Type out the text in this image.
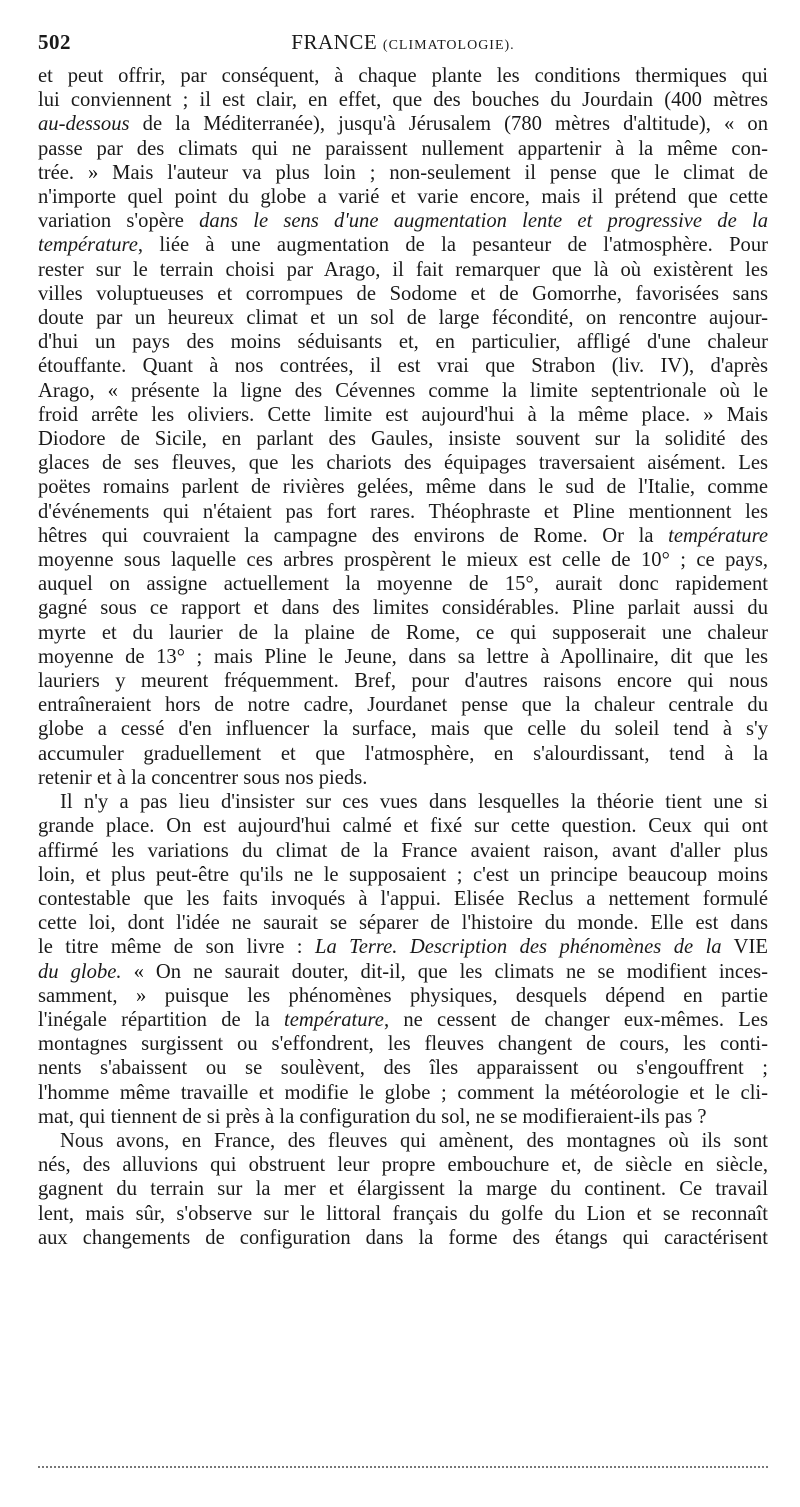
502	FRANCE (CLIMATOLOGIE).
et peut offrir, par conséquent, à chaque plante les conditions thermiques qui
lui conviennent ; il est clair, en effet, que des bouches du Jourdain (400 mètres
au-dessous de la Méditerranée), jusqu'à Jérusalem (780 mètres d'altitude), « on
passe par des climats qui ne paraissent nullement appartenir à la même con-
trée. » Mais l'auteur va plus loin ; non-seulement il pense que le climat de
n'importe quel point du globe a varié et varie encore, mais il prétend que cette
variation s'opère dans le sens d'une augmentation lente et progressive de la
température, liée à une augmentation de la pesanteur de l'atmosphère. Pour
rester sur le terrain choisi par Arago, il fait remarquer que là où existèrent les
villes voluptueuses et corrompues de Sodome et de Gomorrhe, favorisées sans
doute par un heureux climat et un sol de large fécondité, on rencontre aujour-
d'hui un pays des moins séduisants et, en particulier, affligé d'une chaleur
étouffante. Quant à nos contrées, il est vrai que Strabon (liv. IV), d'après
Arago, « présente la ligne des Cévennes comme la limite septentrionale où le
froid arrête les oliviers. Cette limite est aujourd'hui à la même place. » Mais
Diodore de Sicile, en parlant des Gaules, insiste souvent sur la solidité des
glaces de ses fleuves, que les chariots des équipages traversaient aisément. Les
poëtes romains parlent de rivières gelées, même dans le sud de l'Italie, comme
d'événements qui n'étaient pas fort rares. Théophraste et Pline mentionnent les
hêtres qui couvraient la campagne des environs de Rome. Or la température
moyenne sous laquelle ces arbres prospèrent le mieux est celle de 10° ; ce pays,
auquel on assigne actuellement la moyenne de 15°, aurait donc rapidement
gagné sous ce rapport et dans des limites considérables. Pline parlait aussi du
myrte et du laurier de la plaine de Rome, ce qui supposerait une chaleur
moyenne de 13° ; mais Pline le Jeune, dans sa lettre à Apollinaire, dit que les
lauriers y meurent fréquemment. Bref, pour d'autres raisons encore qui nous
entraîneraient hors de notre cadre, Jourdanet pense que la chaleur centrale du
globe a cessé d'en influencer la surface, mais que celle du soleil tend à s'y
accumuler graduellement et que l'atmosphère, en s'alourdissant, tend à la
retenir et à la concentrer sous nos pieds.
Il n'y a pas lieu d'insister sur ces vues dans lesquelles la théorie tient une si
grande place. On est aujourd'hui calmé et fixé sur cette question. Ceux qui ont
affirmé les variations du climat de la France avaient raison, avant d'aller plus
loin, et plus peut-être qu'ils ne le supposaient ; c'est un principe beaucoup moins
contestable que les faits invoqués à l'appui. Elisée Reclus a nettement formulé
cette loi, dont l'idée ne saurait se séparer de l'histoire du monde. Elle est dans
le titre même de son livre : La Terre. Description des phénomènes de la VIE
du globe. « On ne saurait douter, dit-il, que les climats ne se modifient inces-
samment, » puisque les phénomènes physiques, desquels dépend en partie
l'inégale répartition de la température, ne cessent de changer eux-mêmes. Les
montagnes surgissent ou s'effondrent, les fleuves changent de cours, les conti-
nents s'abaissent ou se soulèvent, des îles apparaissent ou s'engouffrent ;
l'homme même travaille et modifie le globe ; comment la météorologie et le cli-
mat, qui tiennent de si près à la configuration du sol, ne se modifieraient-ils pas ?
Nous avons, en France, des fleuves qui amènent, des montagnes où ils sont
nés, des alluvions qui obstruent leur propre embouchure et, de siècle en siècle,
gagnent du terrain sur la mer et élargissent la marge du continent. Ce travail
lent, mais sûr, s'observe sur le littoral français du golfe du Lion et se reconnaît
aux changements de configuration dans la forme des étangs qui caractérisent
